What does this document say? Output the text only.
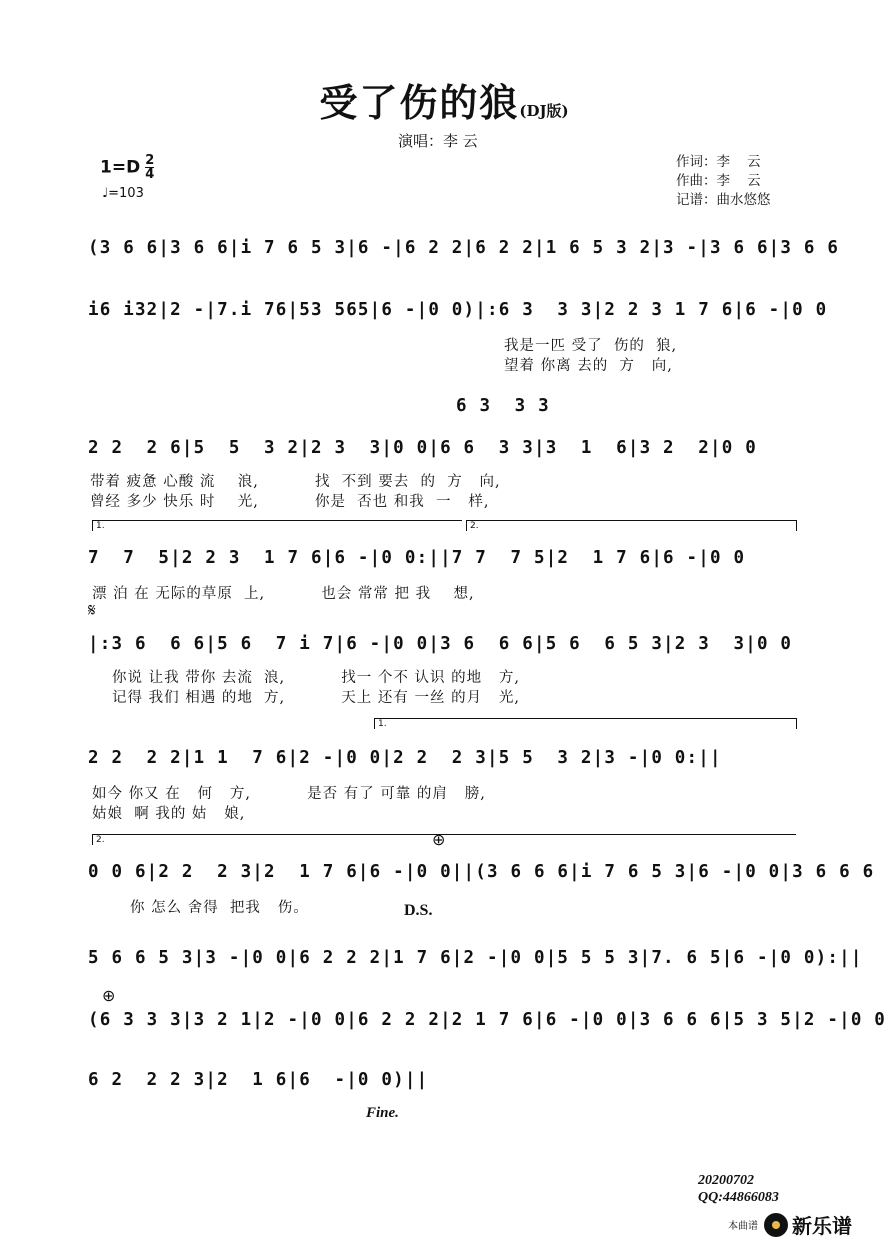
受了伤的狼(DJ版)
演唱：李 云
$1=D \frac{2}{4}$
♩=103
作词：李    云
作曲：李    云
记谱：曲水悠悠
(3 6 6|3 6 6|i 7 6 5 3|6 -|6 2 2|6 2 2|1 6 5 3 2|3 -|3 6 6|3 6 6
i6 i32|2 -|7.i 76|53 565|6 -|0 0)|:6 3  3 3|2 2 3 1 7 6|6 -|0 0
我是一匹 受了  伤的  狼,
望着 你离 去的  方   向,
6 3  3 3
2 2  2 6|5  5  3 2|2 3  3|0 0|6 6  3 3|3  1  6|3 2  2|0 0
带着 疲惫 心酸 流    浪,          找  不到 要去  的  方   向,
曾经 多少 快乐 时    光,          你是  否也 和我  一   样,
1.	2.
7  7  5|2 2 3  1 7 6|6 -|0 0:||7 7  7 5|2  1 7 6|6 -|0 0
漂 泊 在 无际的草原  上,          也会 常常 把 我    想,
𝄋
|:3 6  6 6|5 6  7 i 7|6 -|0 0|3 6  6 6|5 6  6 5 3|2 3  3|0 0
你说 让我 带你 去流  浪,          找一 个不 认识 的地   方,
记得 我们 相遇 的地  方,          天上 还有 一丝 的月   光,
1.
2 2  2 2|1 1  7 6|2 -|0 0|2 2  2 3|5 5  3 2|3 -|0 0:||
如今 你又 在   何   方,          是否 有了 可靠 的肩   膀,
姑娘  啊 我的 姑   娘,
2.	⊕
0 0 6|2 2  2 3|2  1 7 6|6 -|0 0||(3 6 6 6|i 7 6 5 3|6 -|0 0|3 6 6 6
你 怎么 舍得  把我   伤。	D.S.
5 6 6 5 3|3 -|0 0|6 2 2 2|1 7 6|2 -|0 0|5 5 5 3|7. 6 5|6 -|0 0):||
⊕
(6 3 3 3|3 2 1|2 -|0 0|6 2 2 2|2 1 7 6|6 -|0 0|3 6 6 6|5 3 5|2 -|0 0
6 2  2 2 3|2  1 6|6  -|0 0)||
Fine.
20200702
QQ:44866083
本曲谱 新乐谱
